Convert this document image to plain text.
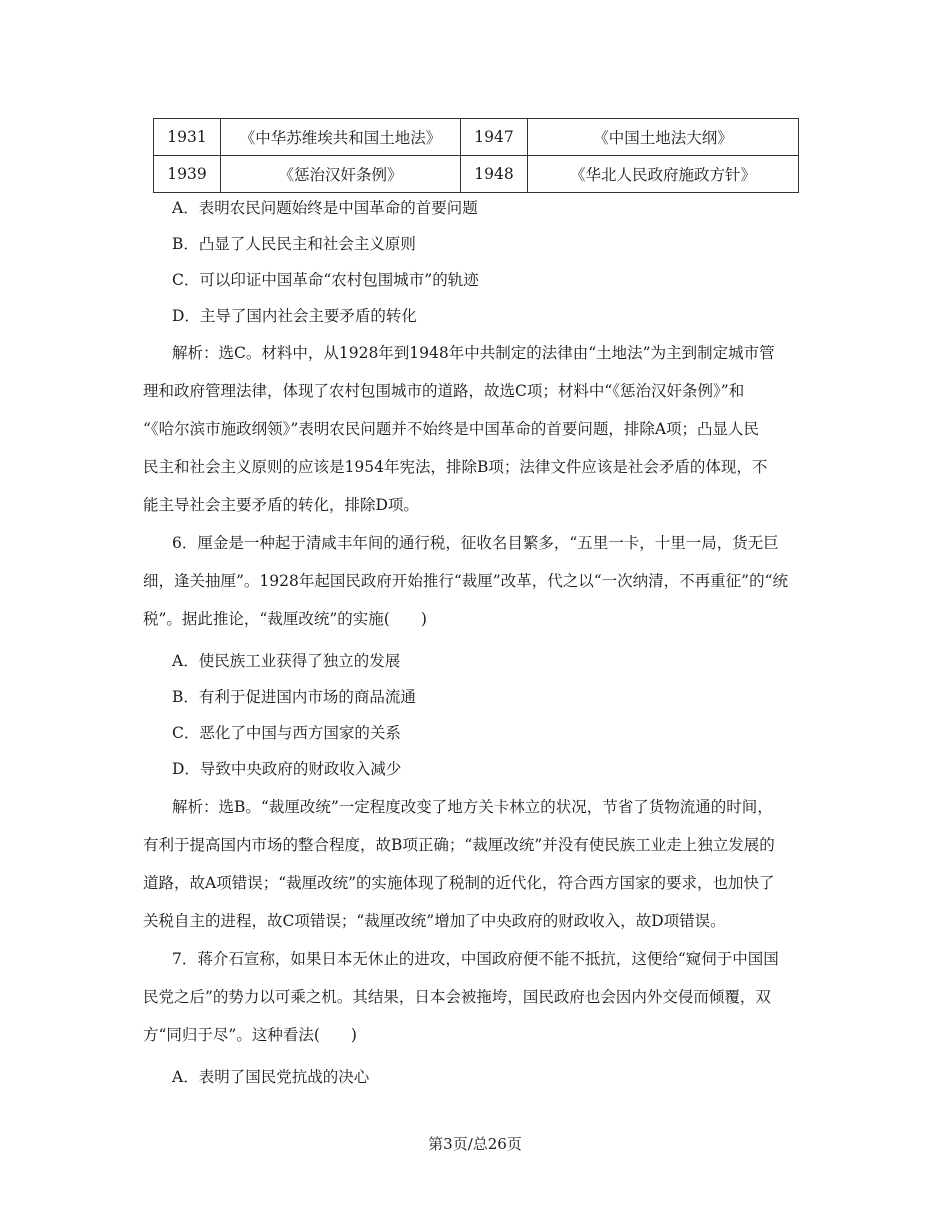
1931	《中华苏维埃共和国土地法》	1947	《中国土地法大纲》
1939	《惩治汉奸条例》	1948	《华北人民政府施政方针》
A．表明农民问题始终是中国革命的首要问题
B．凸显了人民民主和社会主义原则
C．可以印证中国革命“农村包围城市”的轨迹
D．主导了国内社会主要矛盾的转化
解析：选C。材料中，从1928年到1948年中共制定的法律由“土地法”为主到制定城市管
理和政府管理法律，体现了农村包围城市的道路，故选C项；材料中“《惩治汉奸条例》”和
“《哈尔滨市施政纲领》”表明农民问题并不始终是中国革命的首要问题，排除A项；凸显人民
民主和社会主义原则的应该是1954年宪法，排除B项；法律文件应该是社会矛盾的体现，不
能主导社会主要矛盾的转化，排除D项。
6．厘金是一种起于清咸丰年间的通行税，征收名目繁多，“五里一卡，十里一局，货无巨
细，逢关抽厘”。1928年起国民政府开始推行“裁厘”改革，代之以“一次纳清，不再重征”的“统
税”。据此推论，“裁厘改统”的实施(　　)
A．使民族工业获得了独立的发展
B．有利于促进国内市场的商品流通
C．恶化了中国与西方国家的关系
D．导致中央政府的财政收入减少
解析：选B。“裁厘改统”一定程度改变了地方关卡林立的状况，节省了货物流通的时间，
有利于提高国内市场的整合程度，故B项正确；“裁厘改统”并没有使民族工业走上独立发展的
道路，故A项错误；“裁厘改统”的实施体现了税制的近代化，符合西方国家的要求，也加快了
关税自主的进程，故C项错误；“裁厘改统”增加了中央政府的财政收入，故D项错误。
7．蒋介石宣称，如果日本无休止的进攻，中国政府便不能不抵抗，这便给“窥伺于中国国
民党之后”的势力以可乘之机。其结果，日本会被拖垮，国民政府也会因内外交侵而倾覆，双
方“同归于尽”。这种看法(　　)
A．表明了国民党抗战的决心
第3页/总26页
